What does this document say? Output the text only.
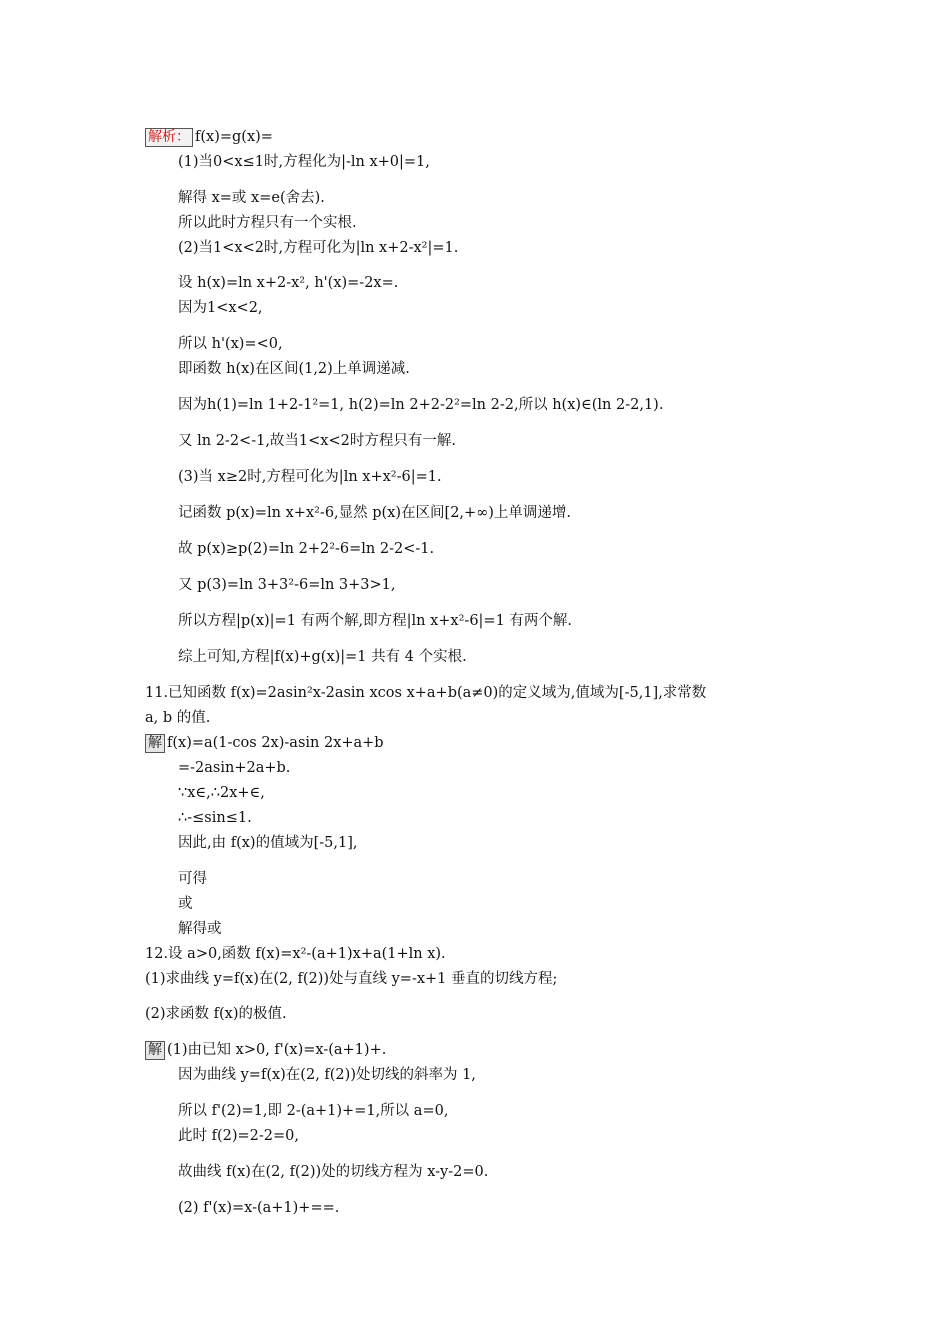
解析： f(x)=g(x)=
(1)当0<x≤1时,方程化为|-ln x+0|=1,
解得 x=或 x=e(舍去).
所以此时方程只有一个实根.
(2)当1<x<2时,方程可化为|ln x+2-x²|=1.
设 h(x)=ln x+2-x², h'(x)=-2x=.
因为1<x<2,
所以 h'(x)=<0,
即函数 h(x)在区间(1,2)上单调递减.
因为h(1)=ln 1+2-1²=1, h(2)=ln 2+2-2²=ln 2-2,所以 h(x)∈(ln 2-2,1).
又 ln 2-2<-1,故当1<x<2时方程只有一解.
(3)当 x≥2时,方程可化为|ln x+x²-6|=1.
记函数 p(x)=ln x+x²-6,显然 p(x)在区间[2,+∞)上单调递增.
故 p(x)≥p(2)=ln 2+2²-6=ln 2-2<-1.
又 p(3)=ln 3+3²-6=ln 3+3>1,
所以方程|p(x)|=1 有两个解,即方程|ln x+x²-6|=1 有两个解.
综上可知,方程|f(x)+g(x)|=1 共有 4 个实根.
11.已知函数 f(x)=2asin²x-2asin xcos x+a+b(a≠0)的定义域为,值域为[-5,1],求常数
a, b 的值.
解 f(x)=a(1-cos 2x)-asin 2x+a+b
=-2asin+2a+b.
∵x∈,∴2x+∈,
∴-≤sin≤1.
因此,由 f(x)的值域为[-5,1],
可得
或
解得或
12.设 a>0,函数 f(x)=x²-(a+1)x+a(1+ln x).
(1)求曲线 y=f(x)在(2, f(2))处与直线 y=-x+1 垂直的切线方程;
(2)求函数 f(x)的极值.
解 (1)由已知 x>0, f'(x)=x-(a+1)+.
因为曲线 y=f(x)在(2, f(2))处切线的斜率为 1,
所以 f'(2)=1,即 2-(a+1)+=1,所以 a=0,
此时 f(2)=2-2=0,
故曲线 f(x)在(2, f(2))处的切线方程为 x-y-2=0.
(2) f'(x)=x-(a+1)+==.
